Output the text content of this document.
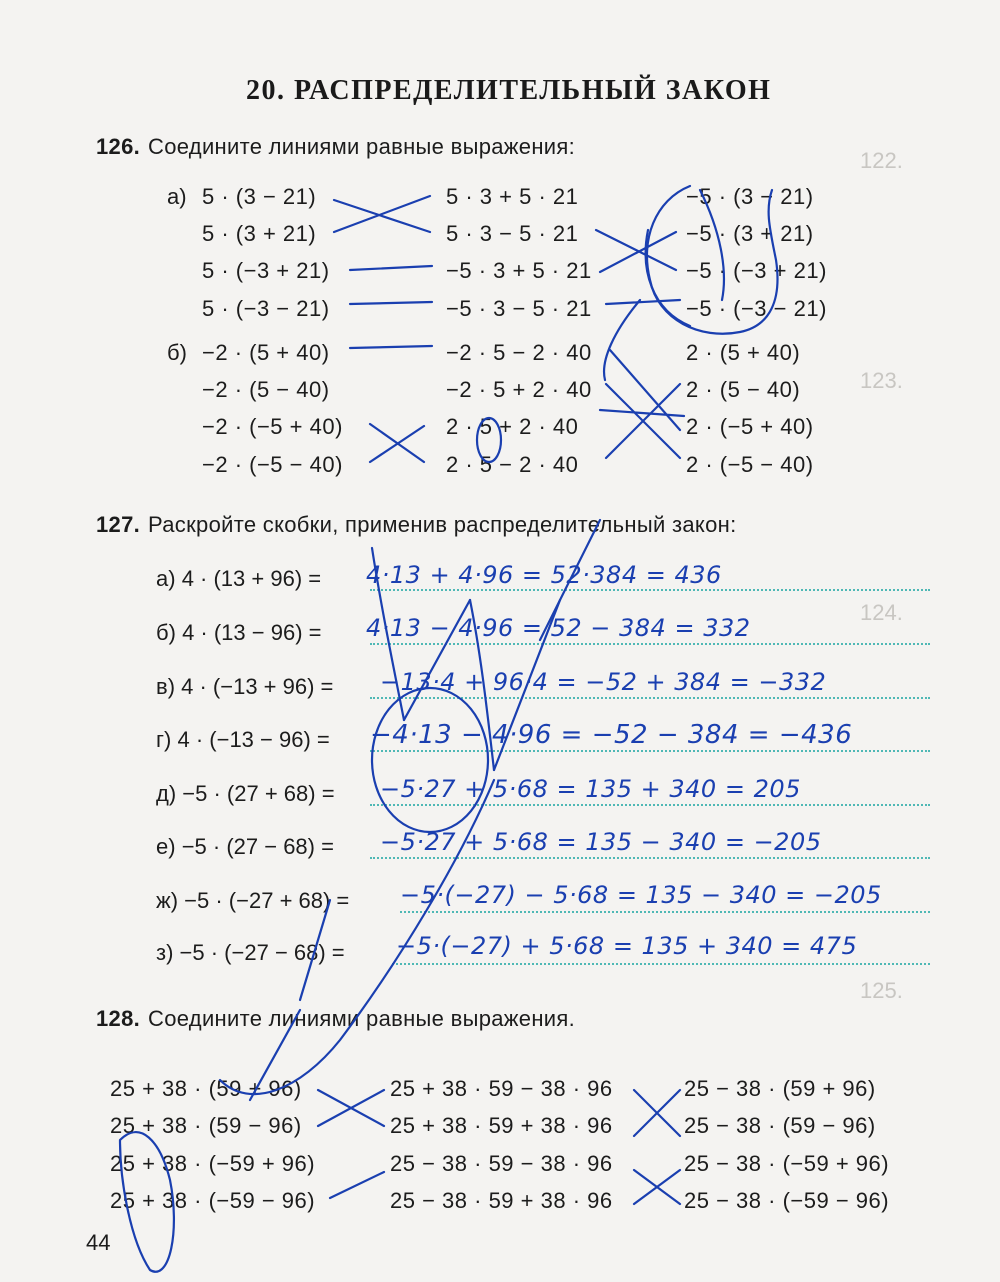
122.
123.
124.
125.
20. РАСПРЕДЕЛИТЕЛЬНЫЙ ЗАКОН
126. Соедините линиями равные выражения:
а) 5 · (3 − 21)
5 · (3 + 21)
5 · (−3 + 21)
5 · (−3 − 21)
5 · 3 + 5 · 21
5 · 3 − 5 · 21
−5 · 3 + 5 · 21
−5 · 3 − 5 · 21
−5 · (3 − 21)
−5 · (3 + 21)
−5 · (−3 + 21)
−5 · (−3 − 21)
б) −2 · (5 + 40)
−2 · (5 − 40)
−2 · (−5 + 40)
−2 · (−5 − 40)
−2 · 5 − 2 · 40
−2 · 5 + 2 · 40
2 · 5 + 2 · 40
2 · 5 − 2 · 40
2 · (5 + 40)
2 · (5 − 40)
2 · (−5 + 40)
2 · (−5 − 40)
127. Раскройте скобки, применив распределительный закон:
а) 4 · (13 + 96) = 4·13 + 4·96 = 52·384 = 436
б) 4 · (13 − 96) = 4·13 − 4·96 = 52 − 384 = 332
в) 4 · (−13 + 96) = −13·4 + 96·4 = −52 + 384 = −332
г) 4 · (−13 − 96) = −4·13 − 4·96 = −52 − 384 = −436
д) −5 · (27 + 68) = −5·27 + 5·68 = 135 + 340 = 205
е) −5 · (27 − 68) = −5·27 + 5·68 = 135 − 340 = −205
ж) −5 · (−27 + 68) = −5·(−27) − 5·68 = 135 − 340 = −205
з) −5 · (−27 − 68) = −5·(−27) + 5·68 = 135 + 340 = 475
128. Соедините линиями равные выражения.
25 + 38 · (59 + 96)
25 + 38 · (59 − 96)
25 + 38 · (−59 + 96)
25 + 38 · (−59 − 96)
25 + 38 · 59 − 38 · 96
25 + 38 · 59 + 38 · 96
25 − 38 · 59 − 38 · 96
25 − 38 · 59 + 38 · 96
25 − 38 · (59 + 96)
25 − 38 · (59 − 96)
25 − 38 · (−59 + 96)
25 − 38 · (−59 − 96)
44
